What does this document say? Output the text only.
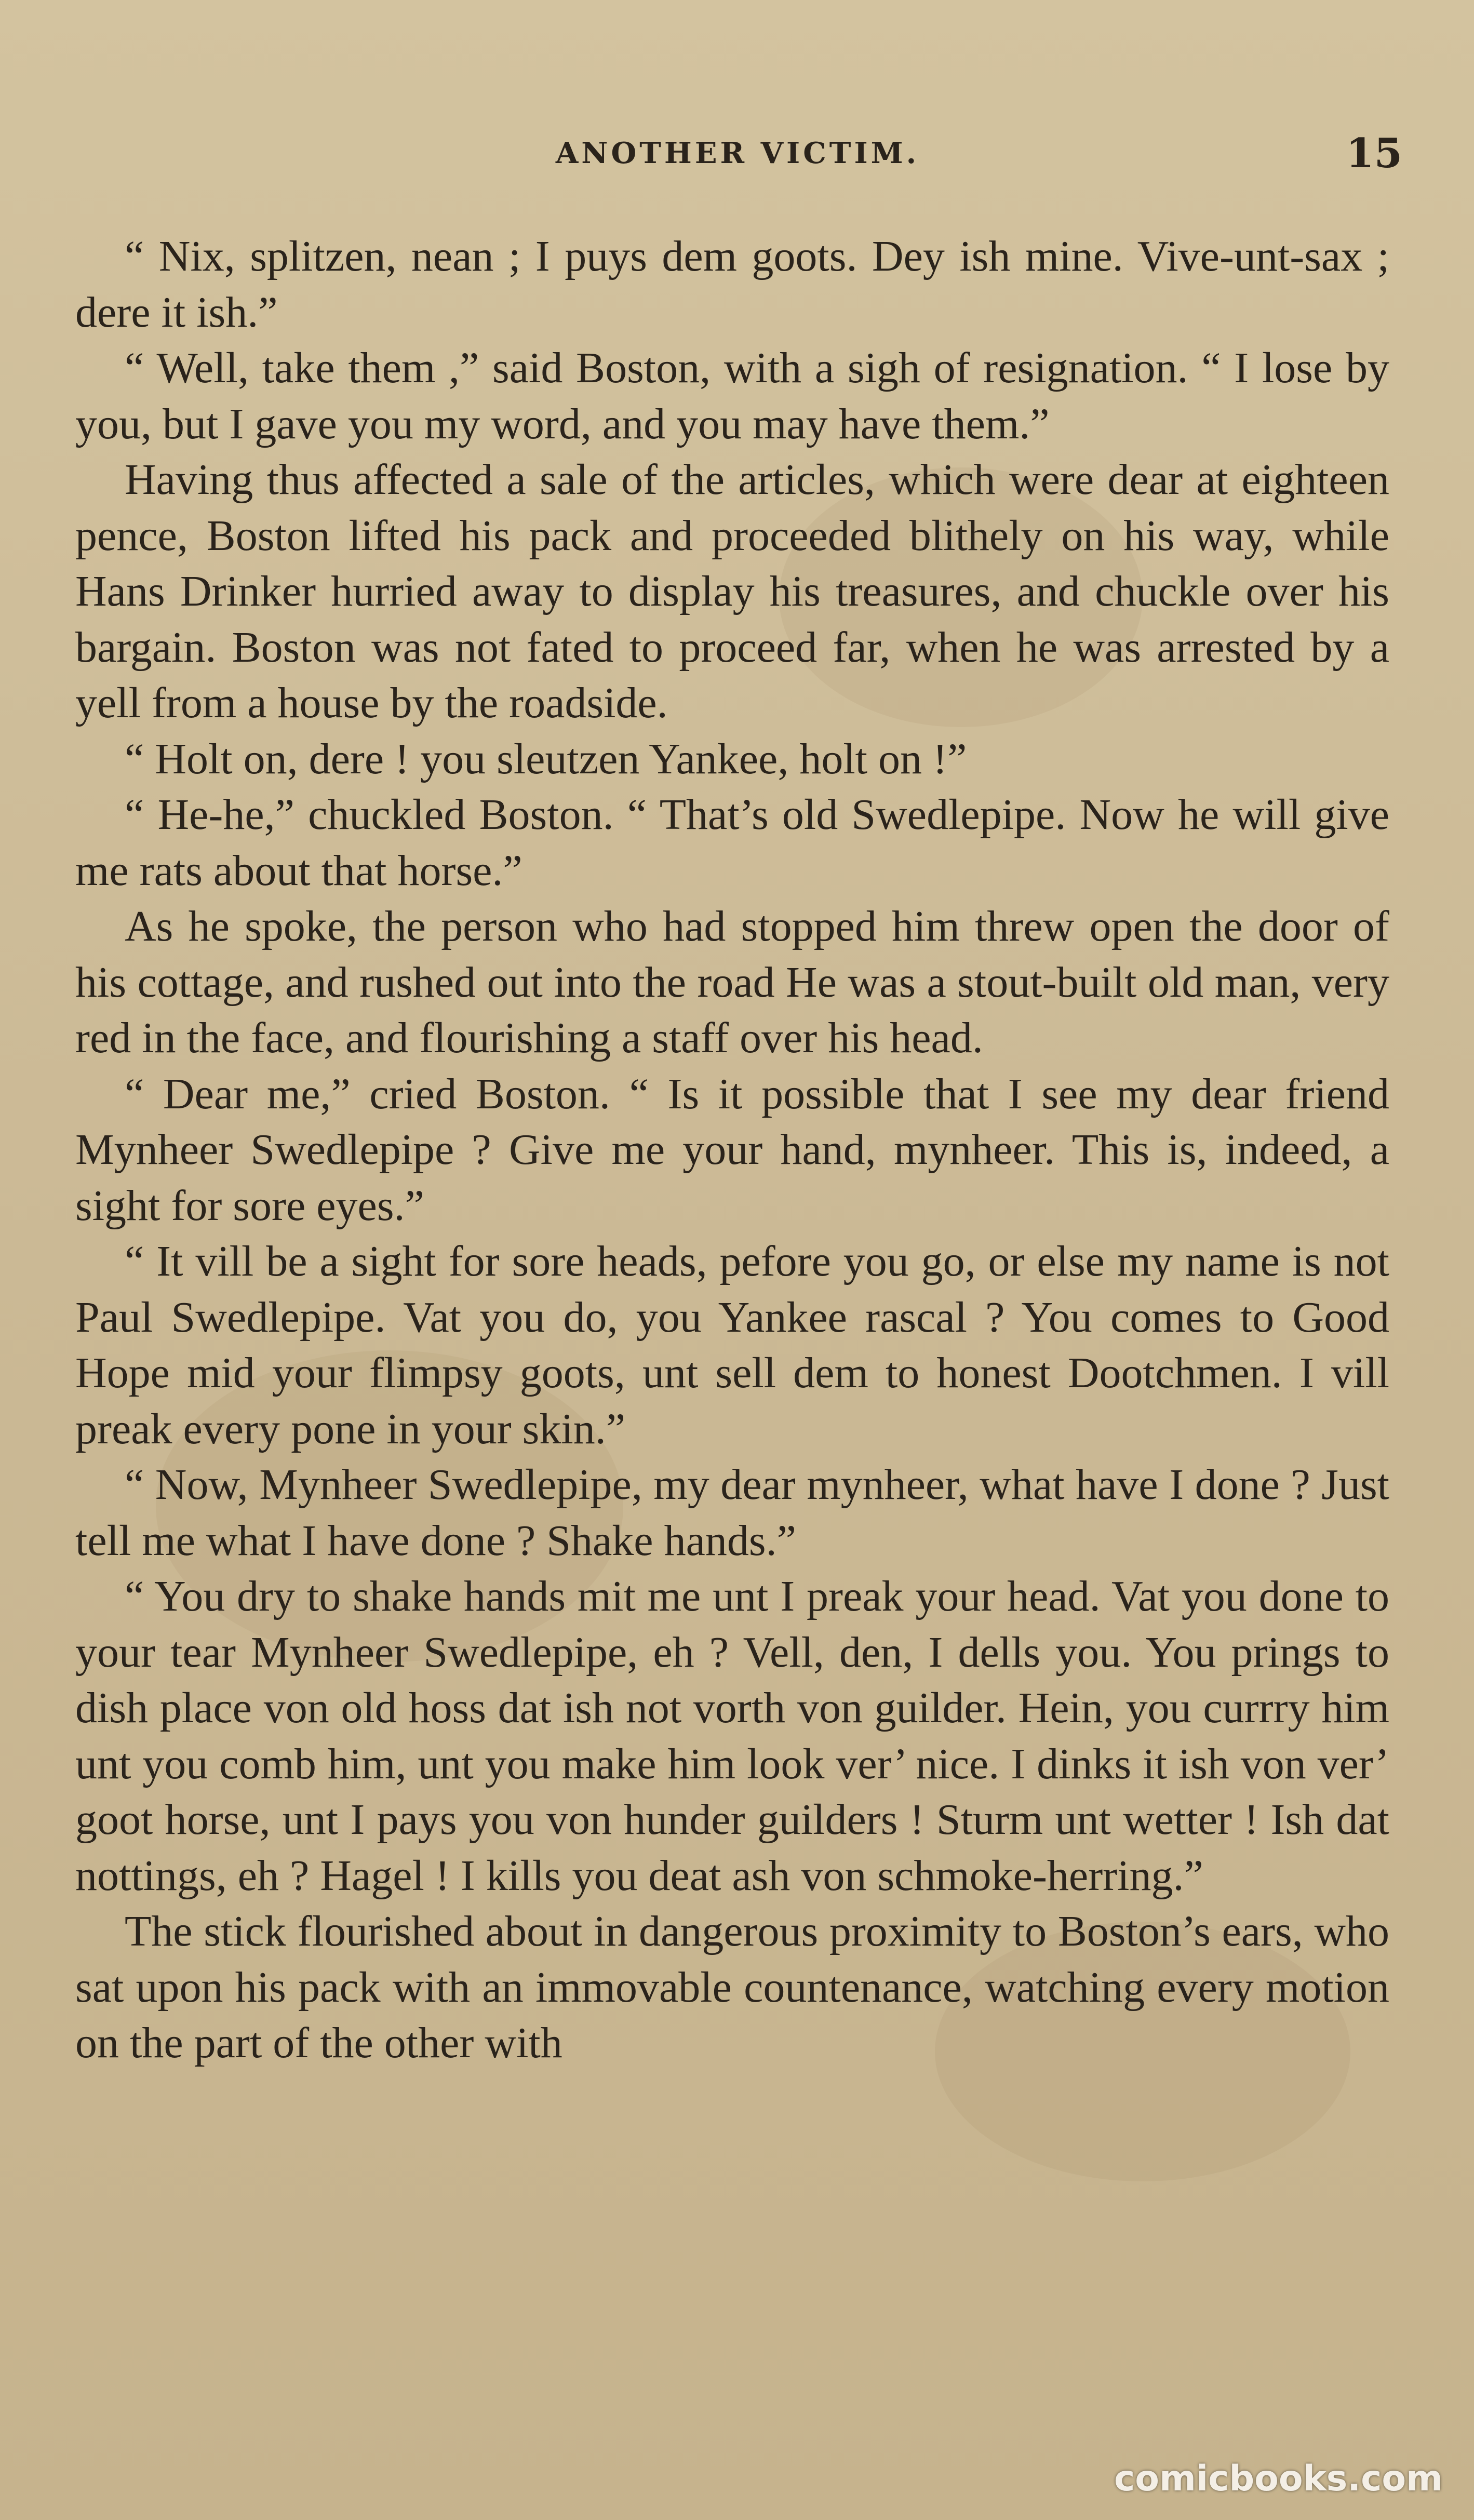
ANOTHER VICTIM.	15

“ Nix, splitzen, nean ; I puys dem goots. Dey ish mine. Vive-unt-sax ; dere it ish.”

“ Well, take them ,” said Boston, with a sigh of resignation. “ I lose by you, but I gave you my word, and you may have them.”

Having thus affected a sale of the articles, which were dear at eighteen pence, Boston lifted his pack and proceeded blithely on his way, while Hans Drinker hurried away to display his treasures, and chuckle over his bargain. Boston was not fated to proceed far, when he was arrested by a yell from a house by the roadside.

“ Holt on, dere ! you sleutzen Yankee, holt on !”

“ He-he,” chuckled Boston. “ That’s old Swedlepipe. Now he will give me rats about that horse.”

As he spoke, the person who had stopped him threw open the door of his cottage, and rushed out into the road He was a stout-built old man, very red in the face, and flourishing a staff over his head.

“ Dear me,” cried Boston. “ Is it possible that I see my dear friend Mynheer Swedlepipe ? Give me your hand, mynheer. This is, indeed, a sight for sore eyes.”

“ It vill be a sight for sore heads, pefore you go, or else my name is not Paul Swedlepipe. Vat you do, you Yankee rascal ? You comes to Good Hope mid your flimpsy goots, unt sell dem to honest Dootchmen. I vill preak every pone in your skin.”

“ Now, Mynheer Swedlepipe, my dear mynheer, what have I done ? Just tell me what I have done ? Shake hands.”

“ You dry to shake hands mit me unt I preak your head. Vat you done to your tear Mynheer Swedlepipe, eh ? Vell, den, I dells you. You prings to dish place von old hoss dat ish not vorth von guilder. Hein, you currry him unt you comb him, unt you make him look ver’ nice. I dinks it ish von ver’ goot horse, unt I pays you von hunder guilders ! Sturm unt wetter ! Ish dat nottings, eh ? Hagel ! I kills you deat ash von schmoke-herring.”

The stick flourished about in dangerous proximity to Boston’s ears, who sat upon his pack with an immovable countenance, watching every motion on the part of the other with

comicbooks.com
